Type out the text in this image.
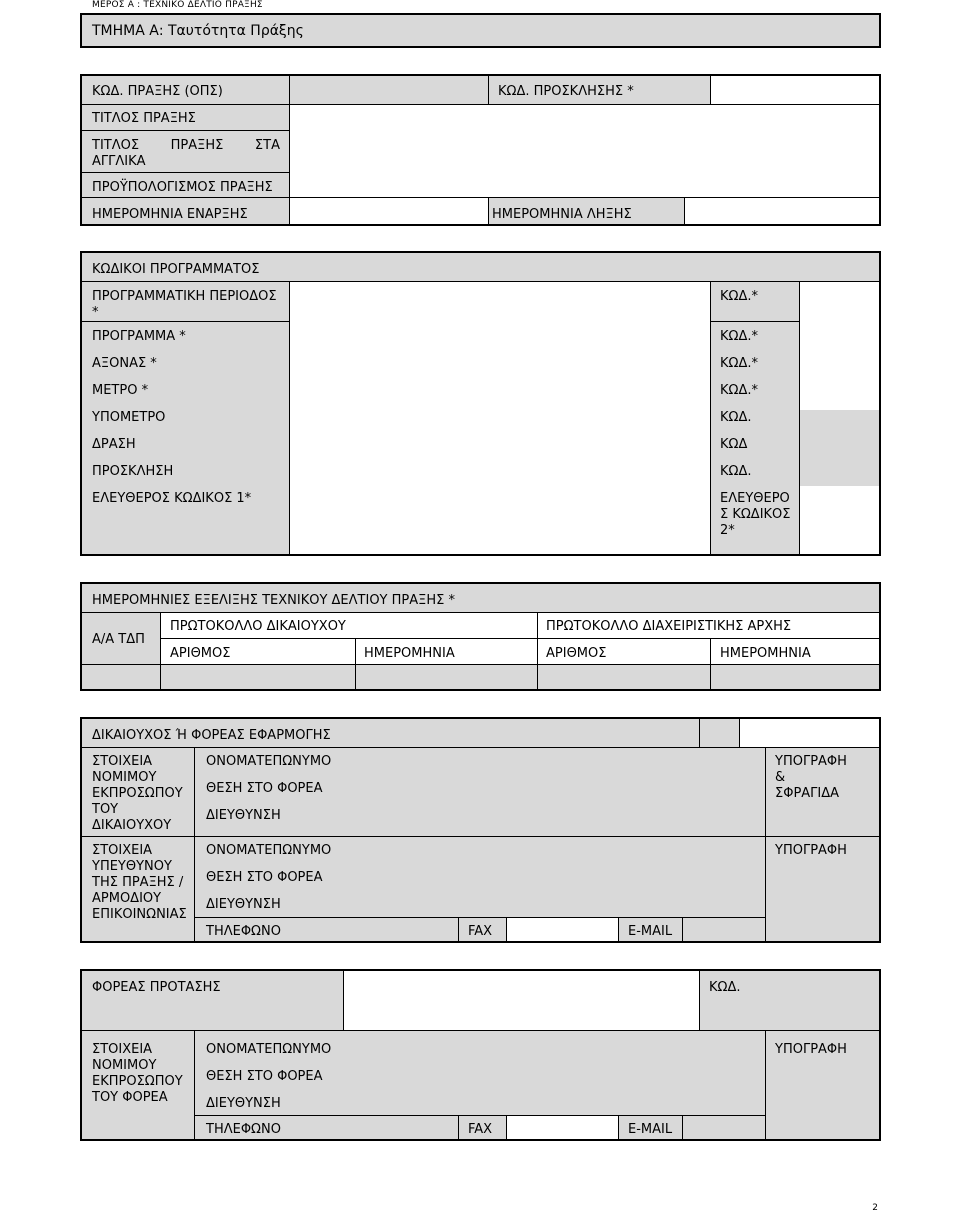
ΜΕΡΟΣ Α : ΤΕΧΝΙΚΟ ΔΕΛΤΙΟ ΠΡΑΞΗΣ
ΤΜΗΜΑ Α: Ταυτότητα Πράξης
ΚΩΔ. ΠΡΑΞΗΣ (ΟΠΣ)	ΚΩΔ. ΠΡΟΣΚΛΗΣΗΣ *
ΤΙΤΛΟΣ ΠΡΑΞΗΣ
ΤΙΤΛΟΣ ΠΡΑΞΗΣ ΣΤΑ
ΑΓΓΛΙΚΑ
ΠΡΟΫΠΟΛΟΓΙΣΜΟΣ ΠΡΑΞΗΣ
ΗΜΕΡΟΜΗΝΙΑ ΕΝΑΡΞΗΣ	ΗΜΕΡΟΜΗΝΙΑ ΛΗΞΗΣ
ΚΩΔΙΚΟΙ ΠΡΟΓΡΑΜΜΑΤΟΣ
ΠΡΟΓΡΑΜΜΑΤΙΚΗ ΠΕΡΙΟΔΟΣ *
ΚΩΔ.*
ΠΡΟΓΡΑΜΜΑ *	ΚΩΔ.*
ΑΞΟΝΑΣ *	ΚΩΔ.*
ΜΕΤΡΟ *	ΚΩΔ.*
ΥΠΟΜΕΤΡΟ	ΚΩΔ.
ΔΡΑΣΗ	ΚΩΔ
ΠΡΟΣΚΛΗΣΗ	ΚΩΔ.
ΕΛΕΥΘΕΡΟΣ ΚΩΔΙΚΟΣ 1*	ΕΛΕΥΘΕΡΟΣ ΚΩΔΙΚΟΣ 2*
ΗΜΕΡΟΜΗΝΙΕΣ ΕΞΕΛΙΞΗΣ ΤΕΧΝΙΚΟΥ ΔΕΛΤΙΟΥ ΠΡΑΞΗΣ *
Α/Α ΤΔΠ
ΠΡΩΤΟΚΟΛΛΟ ΔΙΚΑΙΟΥΧΟΥ	ΠΡΩΤΟΚΟΛΛΟ ΔΙΑΧΕΙΡΙΣΤΙΚΗΣ ΑΡΧΗΣ
ΑΡΙΘΜΟΣ	ΗΜΕΡΟΜΗΝΙΑ	ΑΡΙΘΜΟΣ	ΗΜΕΡΟΜΗΝΙΑ
ΔΙΚΑΙΟΥΧΟΣ Ή ΦΟΡΕΑΣ ΕΦΑΡΜΟΓΗΣ
ΣΤΟΙΧΕΙΑ ΝΟΜΙΜΟΥ ΕΚΠΡΟΣΩΠΟΥ ΤΟΥ ΔΙΚΑΙΟΥΧΟΥ
ΟΝΟΜΑΤΕΠΩΝΥΜΟ
ΘΕΣΗ ΣΤΟ ΦΟΡΕΑ
ΔΙΕΥΘΥΝΣΗ
ΥΠΟΓΡΑΦΗ & ΣΦΡΑΓΙΔΑ
ΣΤΟΙΧΕΙΑ ΥΠΕΥΘΥΝΟΥ ΤΗΣ ΠΡΑΞΗΣ / ΑΡΜΟΔΙΟΥ ΕΠΙΚΟΙΝΩΝΙΑΣ
ΟΝΟΜΑΤΕΠΩΝΥΜΟ
ΘΕΣΗ ΣΤΟ ΦΟΡΕΑ
ΔΙΕΥΘΥΝΣΗ
ΤΗΛΕΦΩΝΟ	FAX	E-MAIL
ΥΠΟΓΡΑΦΗ
ΦΟΡΕΑΣ ΠΡΟΤΑΣΗΣ	ΚΩΔ.
ΣΤΟΙΧΕΙΑ ΝΟΜΙΜΟΥ ΕΚΠΡΟΣΩΠΟΥ ΤΟΥ ΦΟΡΕΑ
ΟΝΟΜΑΤΕΠΩΝΥΜΟ
ΘΕΣΗ ΣΤΟ ΦΟΡΕΑ
ΔΙΕΥΘΥΝΣΗ
ΥΠΟΓΡΑΦΗ
ΤΗΛΕΦΩΝΟ	FAX	E-MAIL
2
